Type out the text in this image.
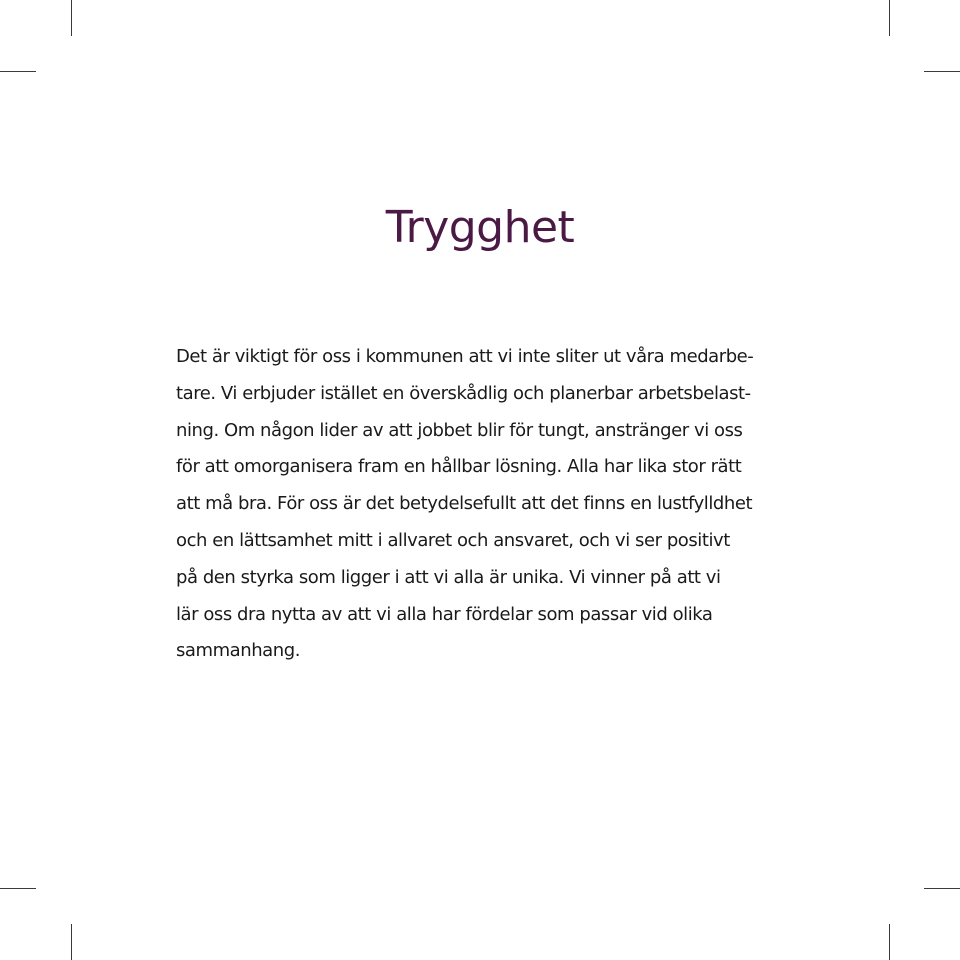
Trygghet
Det är viktigt för oss i kommunen att vi inte sliter ut våra medarbe-
tare. Vi erbjuder istället en överskådlig och planerbar arbetsbelast-
ning. Om någon lider av att jobbet blir för tungt, anstränger vi oss
för att omorganisera fram en hållbar lösning. Alla har lika stor rätt
att må bra. För oss är det betydelsefullt att det finns en lustfylldhet
och en lättsamhet mitt i allvaret och ansvaret, och vi ser positivt
på den styrka som ligger i att vi alla är unika. Vi vinner på att vi
lär oss dra nytta av att vi alla har fördelar som passar vid olika
sammanhang.
